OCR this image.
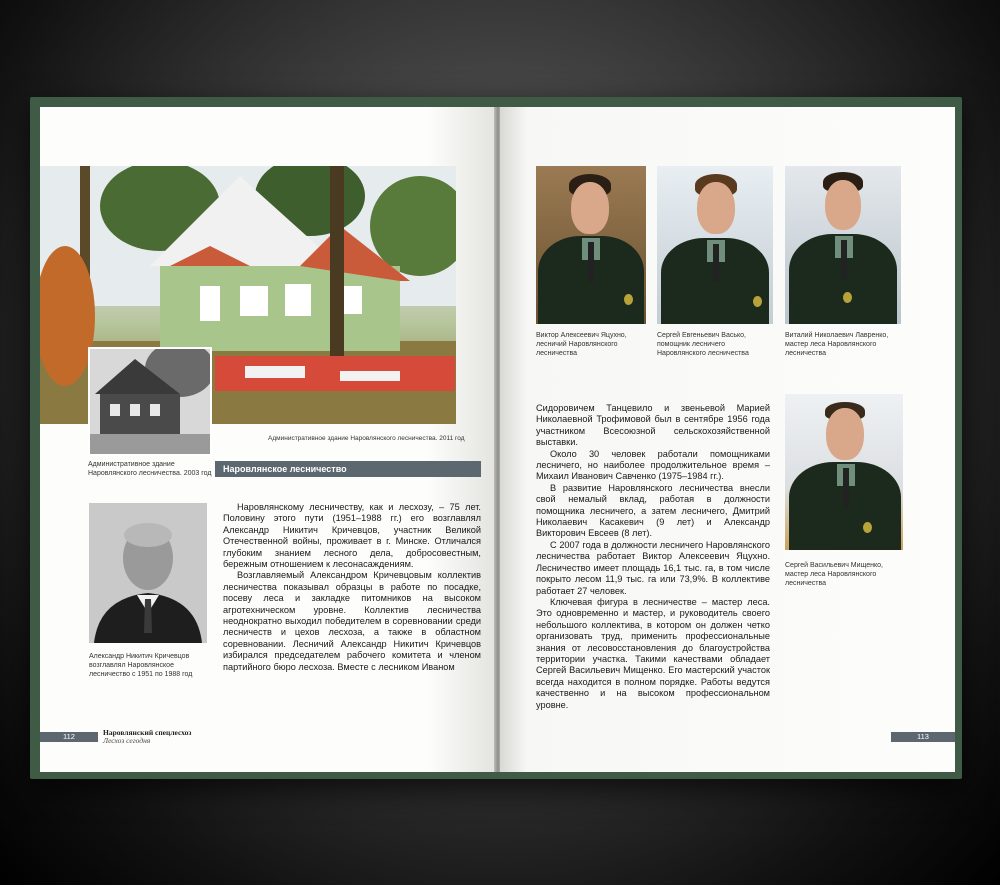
Административное здание Наровлянского лесничества. 2011 год
Административное здание Наровлянского лесничества. 2003 год	Наровлянское лесничество
Александр Никитич Кричевцов возглавлял Наровлянское лесничество с 1951 по 1988 год

Наровлянскому лесничеству, как и лесхозу, – 75 лет. Половину этого пути (1951–1988 гг.) его возглавлял Александр Никитич Кричевцов, участник Великой Отечественной войны, проживает в г. Минске. Отличался глубоким знанием лесного дела, добросовестным, бережным отношением к лесонасаждениям.

Возглавляемый Александром Кричевцовым коллектив лесничества показывал образцы в работе по посадке, посеву леса и закладке питомников на высоком агротехническом уровне. Коллектив лесничества неоднократно выходил победителем в соревновании среди лесничеств и цехов лесхоза, а также в областном соревновании. Лесничий Александр Никитич Кричевцов избирался председателем рабочего комитета и членом партийного бюро лесхоза. Вместе с лесником Иваном

112	Наровлянский спецлесхоз
Лесхоз сегодня
Виктор Алексеевич Яцухно, лесничий Наровлянского лесничества
Сергей Евгеньевич Васько, помощник лесничего Наровлянского лесничества
Виталий Николаевич Лавренко, мастер леса Наровлянского лесничества
Сергей Васильевич Мищенко, мастер леса Наровлянского лесничества

Сидоровичем Танцевило и звеньевой Марией Николаевной Трофимовой был в сентябре 1956 года участником Всесоюзной сельскохозяйственной выставки.

Около 30 человек работали помощниками лесничего, но наиболее продолжительное время – Михаил Иванович Савченко (1975–1984 гг.).

В развитие Наровлянского лесничества внесли свой немалый вклад, работая в должности помощника лесничего, а затем лесничего, Дмитрий Николаевич Касакевич (9 лет) и Александр Викторович Евсеев (8 лет).

С 2007 года в должности лесничего Наровлянского лесничества работает Виктор Алексеевич Яцухно. Лесничество имеет площадь 16,1 тыс. га, в том числе покрыто лесом 11,9 тыс. га или 73,9%. В коллективе работает 27 человек.

Ключевая фигура в лесничестве – мастер леса. Это одновременно и мастер, и руководитель своего небольшого коллектива, в котором он должен четко организовать труд, применить профессиональные знания от лесовосстановления до благоустройства территории участка. Такими качествами обладает Сергей Васильевич Мищенко. Его мастерский участок всегда находится в полном порядке. Работы ведутся качественно и на высоком профессиональном уровне.

113
